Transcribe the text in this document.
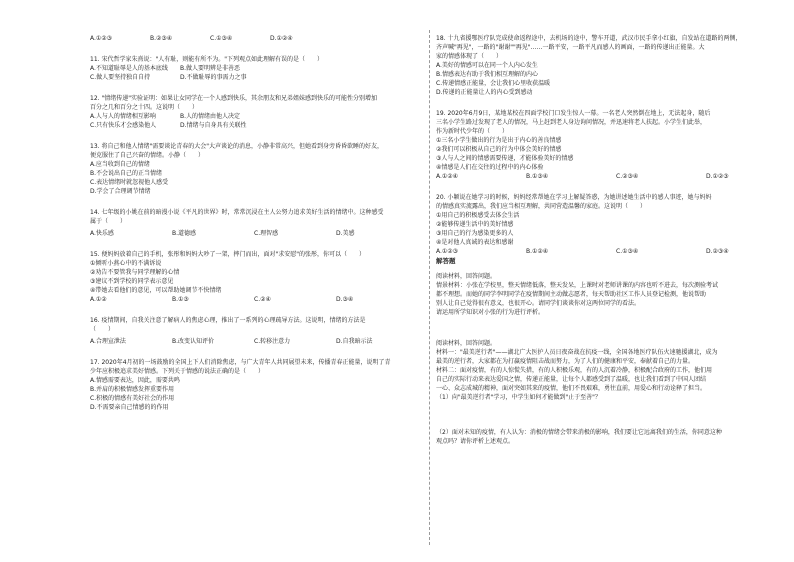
A.①②③	B.②③④	C.①③④	D.①②④
11. 宋代哲学家朱熹说："人有耻，则能有所不为。"下列观点如此理解有误的是（　　）
A.不知道耻辱是人的基本底线	B.做人要明辨是非善恶
C.做人要坚持独自自持	D.不做耻辱的事需力之事
12. "情绪传递"实验证明：如果让女同学在一个人感到快乐，其余朋友和兄弟姐妹感到快乐的可能性分别增加
百分之几和百分之十四。这说明（　　）
A.人与人的情绪相互影响	B.人的情绪由他人决定
C.只有快乐才会感染他人	D.情绪与自身具有关联性
13. 将自己和他人情绪"需要谈论青春的大会"大声谈论的消息，小静非常高兴，但她看到身旁昏昏欲睡的好友，
便克服住了自己兴奋的情绪。小静（　　）
A.应当收到自己的情绪
B.不会说出自己的正当情绪
C.表达情绪时就忽视他人感受
D.学会了合理调节情绪
14. 七年级的小姚在前的暗漫小说《平凡的世界》时，常常沉浸在主人公努力追求美好生活的情绪中。这种感受
属于（　　）
A.快乐感	B.道德感	C.理智感	D.美感
15. 便妈妈放着自己的手机，张彤和妈妈大吵了一架，摔门而出，面对"求安慰"的张彤，你可以（　　）
①倾听小燕心中的不满诉说
②劝告不要管我与同学理解的心情
③建议不到学校的同学表示意见
④带她去看他们的意见，可以帮助她调节不快情绪
A.①②	B.①③	C.②④	D.③④
16. 疫情期间，自我关注意了解病人的焦虑心理，推出了一系列的心理疏导方法。这说明，情绪的方法是
（　　）
A.合理宣泄法	B.改变认知评价	C.转移注意力	D.自我暗示法
17. 2020年4月初的一场鼓励的全国上下人们消除焦虑，与广大青年人共同展望未来，传播青春正能量，说明了青
少年应积极追求美好情感。下列关于情感的说法正确的是（　　）
A.情感需要表达，因此，需要共鸣
B.并肩的积极情感发挥重要作用
C.积极的情感有美好社会的作用
D.不需要亲自己情感的的作用
18. 十九省援鄂医疗队完成使命返程途中，去机场的途中，警车开道，武汉市民手拿小红旗，自发站在道路的两侧，
齐声喊"再见"，一路的"谢谢""再见"……一路平安，一路平凡而感人的画面，一路的传递出正能量。大
家的情感体现了（　　）
A.美好的情感可以在同一个人内心发生
B.情感表达有助于我们相互理解的内心
C.传递情感正能量，会让我们心里收获温暖
D.传递的正能量让人的内心受到感动
19. 2020年6月9日，某地某校在四面学校门口发生惊人一幕。一名老人突然倒在地上，无法起身，随后
三名小学生路过发现了老人的情况，马上赶到老人身边询问情况，并迅速将老人扶起。小学生们此举，
作为新时代少年的（　　）
①三名小学生做出的行为是出于内心的善良情感
②我们可以积极从自己的行为中体会美好的情感
③人与人之间的情感需要传递，才能体验美好的情感
④情感是人们在交往的过程中的内心体验
A.①②④	B.①③④	C.②③④	D.①②③
20. 小颖说在她学习的时候，妈妈经常帮她在学习上解疑答惑，为她讲述她生活中的感人事迹，她与妈妈
的情感真实流露出，我们应当相互理解，共同营造温馨的家庭。这说明（　　）
①用自己的积极感受去体会生活
②能够传递生活中的美好情感
③用自己的行为感染更多的人
④是对他人真诚的表达和感谢
A.①②③	B.①②④	C.①③④	D.②③④
解答题
阅读材料，回答问题。
情景材料：小张在学校里，整天情绪低落，整天发呆，上课时对老师讲课的内容也听不进去，每次测验考试
都不理想。而她的同学李明同学在疫情期间主动做志愿者，每天帮助社区工作人员登记检测，他说帮助
别人让自己觉得很有意义，也很开心。请同学们谈谈你对这两位同学的看法。
请运用所学知识对小张的行为进行评析。
阅读材料，回答问题。
材料一："最美逆行者"——湖北广大医护人员日夜奋战在抗疫一线，全国各地医疗队伍火速驰援湖北，成为
最美的逆行者，大家都在为打赢疫情阻击战而努力，为了人们的健康和平安，奉献着自己的力量。
材料二：面对疫情，有的人惊慌失措，有的人积极乐观，有的人沉着冷静，积极配合政府的工作，他们用
自己的实际行动来表达爱国之情，传递正能量，让每个人都感受到了温暖，也让我们看到了中国人团结
一心、众志成城的精神，面对突如其来的疫情，他们不畏艰难，勇往直前，用爱心和行动诠释了担当。
（1）向"最美逆行者"学习，中学生如何才能做到"止于至善"？
（2）面对未知的疫情，有人认为：消极的情绪会带来消极的影响，我们要让它远离我们的生活，你同意这种
观点吗？请你评析上述观点。
